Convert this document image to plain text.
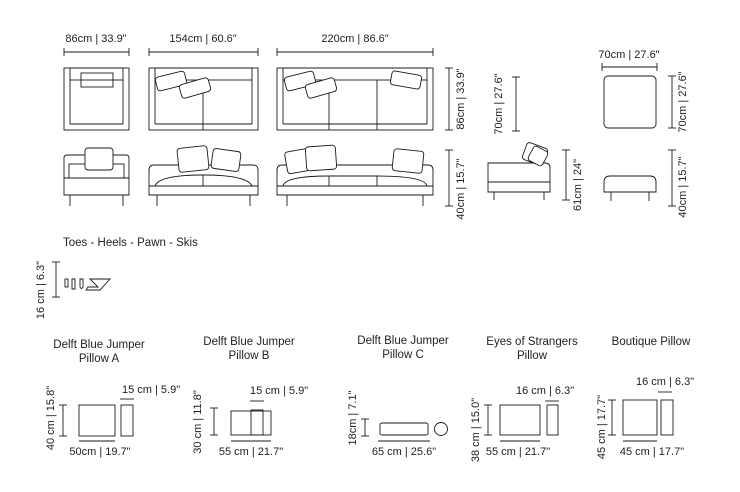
86cm | 33.9"	154cm | 60.6"	220cm | 86.6"
70cm | 27.6"
86cm | 33.9" 70cm | 27.6"	70cm | 27.6"
40cm | 15.7"	61cm | 24"	40cm | 15.7"
Toes - Heels - Pawn - Skis
16 cm | 6.3"
Delft Blue Jumper
Pillow A
15 cm | 5.9"
40 cm | 15.8"
50cm | 19.7"
Delft Blue Jumper
Pillow B
15 cm | 5.9"
30 cm | 11.8" 55 cm | 21.7"
Delft Blue Jumper
Pillow C
18cm | 7.1"
65 cm | 25.6"
Eyes of Strangers
Pillow
16 cm | 6.3"
38 cm | 15.0" 55 cm | 21.7"
Boutique Pillow
16 cm | 6.3"
45 cm | 17.7" 45 cm | 17.7"
